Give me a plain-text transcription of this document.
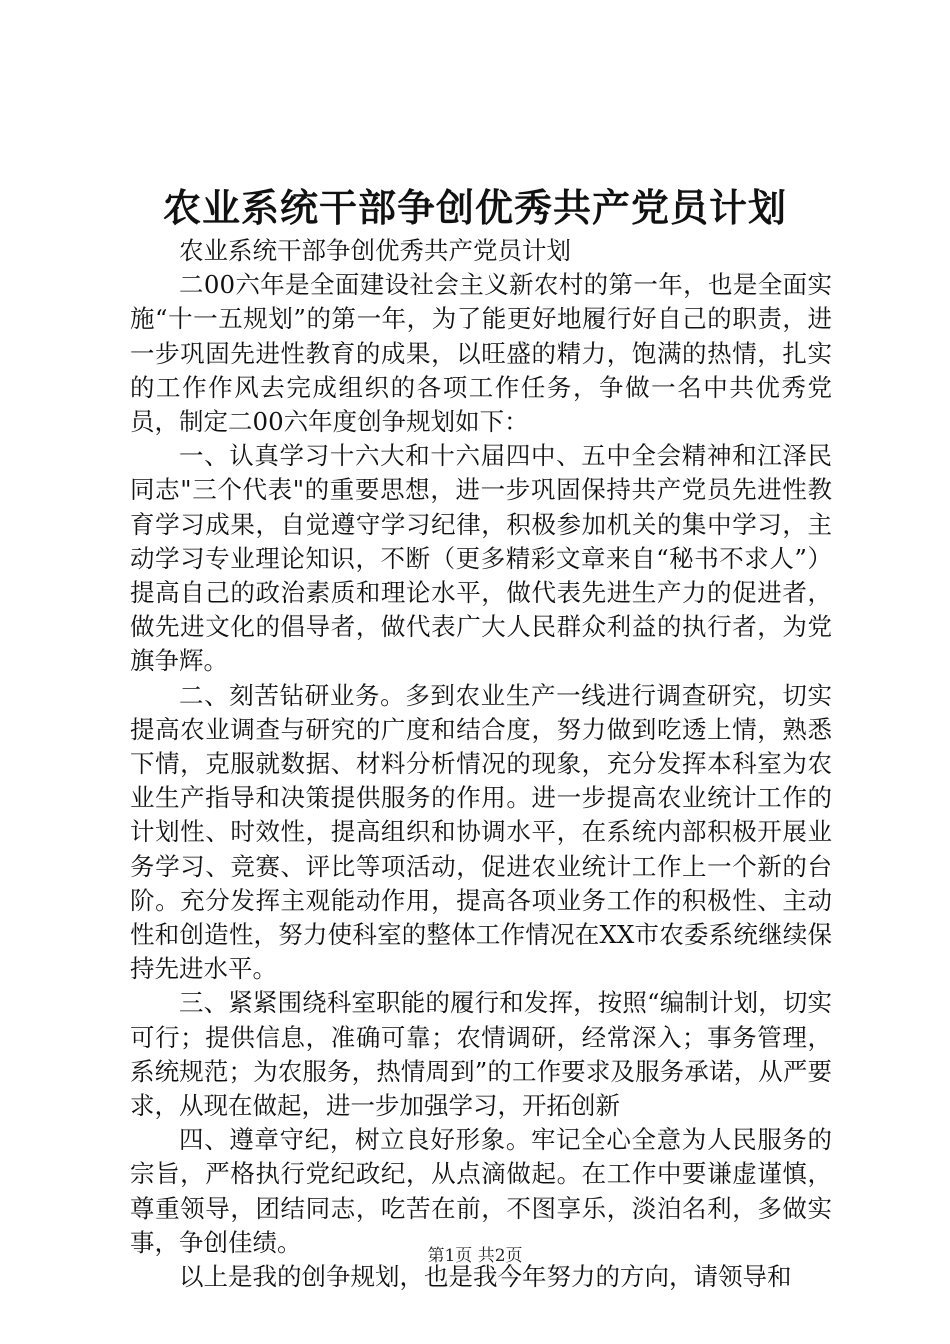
农业系统干部争创优秀共产党员计划

农业系统干部争创优秀共产党员计划

二00六年是全面建设社会主义新农村的第一年，也是全面实施“十一五规划”的第一年，为了能更好地履行好自己的职责，进一步巩固先进性教育的成果，以旺盛的精力，饱满的热情，扎实的工作作风去完成组织的各项工作任务，争做一名中共优秀党员，制定二00六年度创争规划如下：

一、认真学习十六大和十六届四中、五中全会精神和江泽民同志"三个代表"的重要思想，进一步巩固保持共产党员先进性教育学习成果，自觉遵守学习纪律，积极参加机关的集中学习，主动学习专业理论知识，不断（更多精彩文章来自“秘书不求人”）提高自己的政治素质和理论水平，做代表先进生产力的促进者，做先进文化的倡导者，做代表广大人民群众利益的执行者，为党旗争辉。

二、刻苦钻研业务。多到农业生产一线进行调查研究，切实提高农业调查与研究的广度和结合度，努力做到吃透上情，熟悉下情，克服就数据、材料分析情况的现象，充分发挥本科室为农业生产指导和决策提供服务的作用。进一步提高农业统计工作的计划性、时效性，提高组织和协调水平，在系统内部积极开展业务学习、竞赛、评比等项活动，促进农业统计工作上一个新的台阶。充分发挥主观能动作用，提高各项业务工作的积极性、主动性和创造性，努力使科室的整体工作情况在XX市农委系统继续保持先进水平。

三、紧紧围绕科室职能的履行和发挥，按照“编制计划，切实可行；提供信息，准确可靠；农情调研，经常深入；事务管理，系统规范；为农服务，热情周到”的工作要求及服务承诺，从严要求，从现在做起，进一步加强学习，开拓创新

四、遵章守纪，树立良好形象。牢记全心全意为人民服务的宗旨，严格执行党纪政纪，从点滴做起。在工作中要谦虚谨慎，尊重领导，团结同志，吃苦在前，不图享乐，淡泊名利，多做实事，争创佳绩。

以上是我的创争规划，也是我今年努力的方向，请领导和

第1页 共2页
